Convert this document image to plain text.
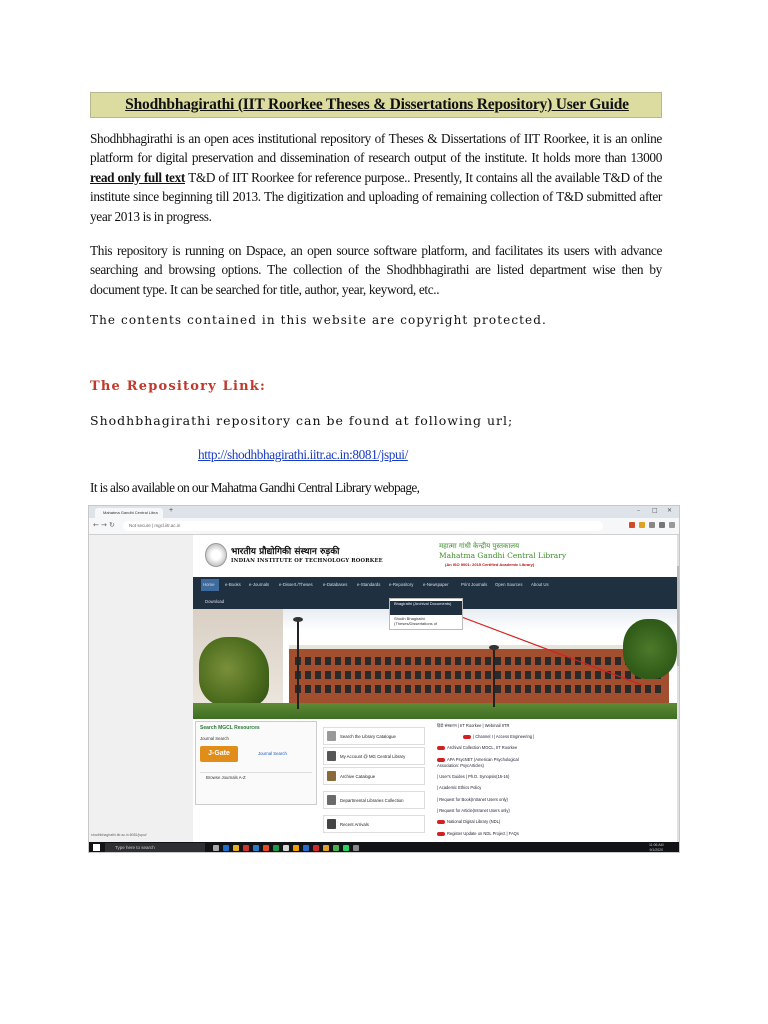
Shodhbhagirathi (IIT Roorkee Theses & Dissertations Repository) User Guide
Shodhbhagirathi is an open aces institutional repository of Theses & Dissertations of IIT Roorkee, it is an online platform for digital preservation and dissemination of research output of the institute. It holds more than 13000 read only full text T&D of IIT Roorkee for reference purpose.. Presently, It contains all the available T&D of the institute since beginning till 2013. The digitization and uploading of remaining collection of T&D submitted after year 2013 is in progress.
This repository is running on Dspace, an open source software platform, and facilitates its users with advance searching and browsing options. The collection of the Shodhbhagirathi are listed department wise then by document type. It can be searched for title, author, year, keyword, etc..
The contents contained in this website are copyright protected.
The Repository Link:
Shodhbhagirathi repository can be found at following url;
http://shodhbhagirathi.iitr.ac.in:8081/jspui/
It is also available on our Mahatma Gandhi Central Library webpage,
Mahatma Gandhi Central Libra	+	– □ ✕
← → ↻	Not secure | mgcl.iitr.ac.in
भारतीय प्रौद्योगिकी संस्थान रुड़की
INDIAN INSTITUTE OF TECHNOLOGY ROORKEE
महात्मा गांधी केन्द्रीय पुस्तकालय
Mahatma Gandhi Central Library
(An ISO 9001: 2015 Certified Academic Library)
Home e-Books e-Journals e-Dissеrt./Theses e-Databases e-Standards e-Repository e-Newspaper	Print Journals Open Sources About Us
Download	Bhagirathi (Archival Documents)
Shodh Bhagirathi (Theses/Dissertations of
Search MGCL Resources
Journal Search
J-Gate	Journal Search
Browse Journals A-Z
Search the Library Catalogue
My Account @ MG Central Library
Archive Catalogue
Departmental Libraries Collection
Recent Arrivals
हिंदी संस्करण | IIT Roorkee | Webmail IITR
| Channel I | Access Engineering |
Archival Collection MGCL, IIT Roorkee
APA PsycNET (American Psychological
Association: PsycArticles)
| User's Guides | Ph.D. Synopsis(15-16)
| Academic Ethics Policy
| Request for Book(Intranet Users only)
| Request for Article(Intranet Users only)
National Digital Library (NDL)
Register Update on NDL Project | FAQs
shodhbhagirathi.iitr.ac.in:8081/jspui/
Type here to search	11:06 AM
9/1/2020
